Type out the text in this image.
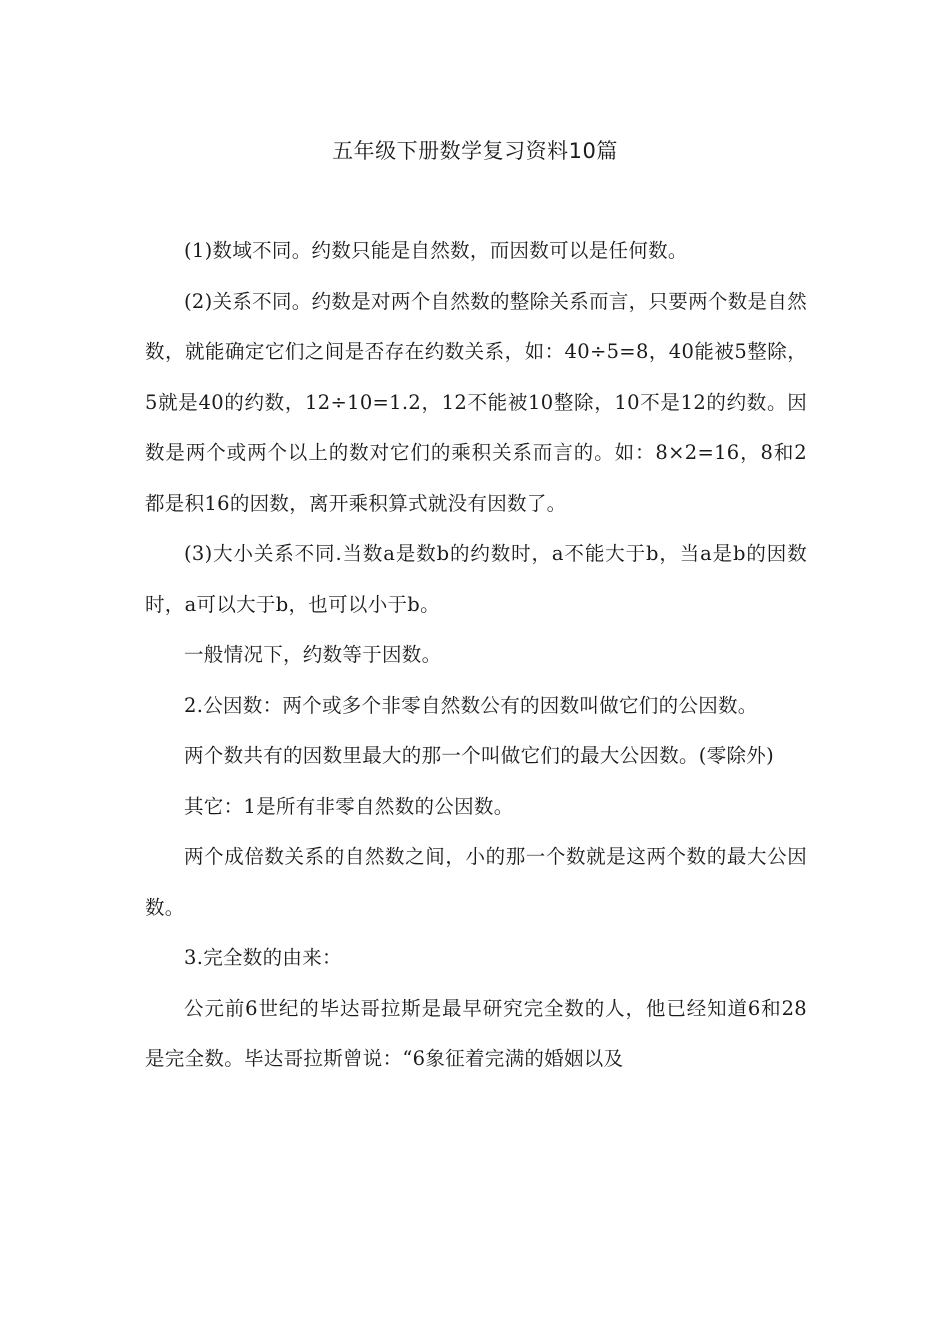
五年级下册数学复习资料10篇

(1)数域不同。约数只能是自然数，而因数可以是任何数。

(2)关系不同。约数是对两个自然数的整除关系而言，只要两个数是自然数，就能确定它们之间是否存在约数关系，如：40÷5=8，40能被5整除，5就是40的约数，12÷10=1.2，12不能被10整除，10不是12的约数。因数是两个或两个以上的数对它们的乘积关系而言的。如：8×2=16，8和2都是积16的因数，离开乘积算式就没有因数了。

(3)大小关系不同.当数a是数b的约数时，a不能大于b，当a是b的因数时，a可以大于b，也可以小于b。

一般情况下，约数等于因数。

2.公因数：两个或多个非零自然数公有的因数叫做它们的公因数。

两个数共有的因数里最大的那一个叫做它们的最大公因数。(零除外)

其它：1是所有非零自然数的公因数。

两个成倍数关系的自然数之间，小的那一个数就是这两个数的最大公因数。

3.完全数的由来：

公元前6世纪的毕达哥拉斯是最早研究完全数的人，他已经知道6和28是完全数。毕达哥拉斯曾说：“6象征着完满的婚姻以及
